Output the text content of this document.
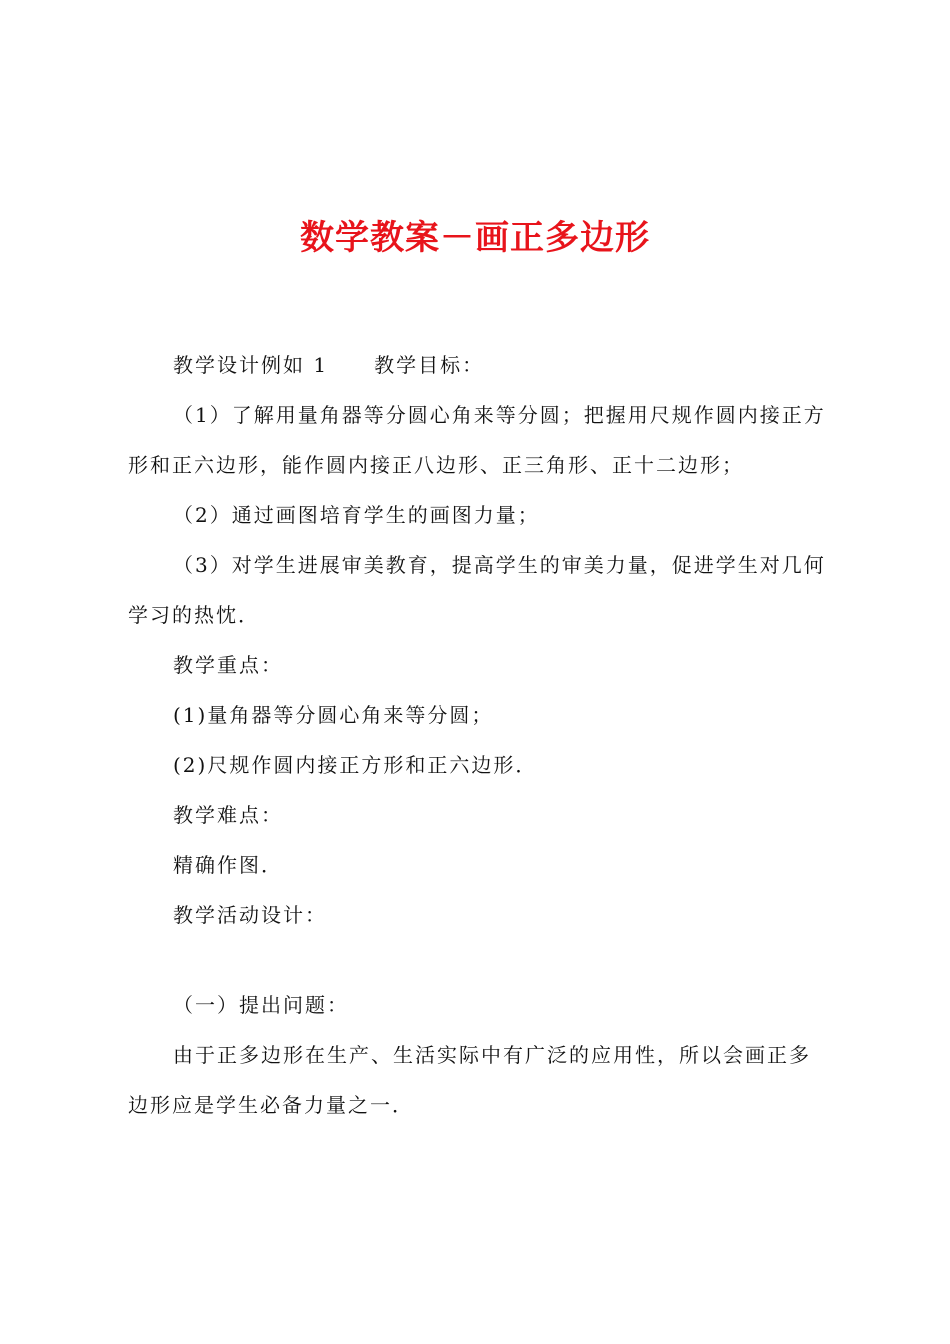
数学教案－画正多边形

教学设计例如 1 教学目标：

（1）了解用量角器等分圆心角来等分圆；把握用尺规作圆内接正方

形和正六边形，能作圆内接正八边形、正三角形、正十二边形；

（2）通过画图培育学生的画图力量；

（3）对学生进展审美教育，提高学生的审美力量，促进学生对几何

学习的热忱．

教学重点：

(1)量角器等分圆心角来等分圆；

(2)尺规作圆内接正方形和正六边形．

教学难点：

精确作图．

教学活动设计：

（一）提出问题：

由于正多边形在生产、生活实际中有广泛的应用性，所以会画正多

边形应是学生必备力量之一．
